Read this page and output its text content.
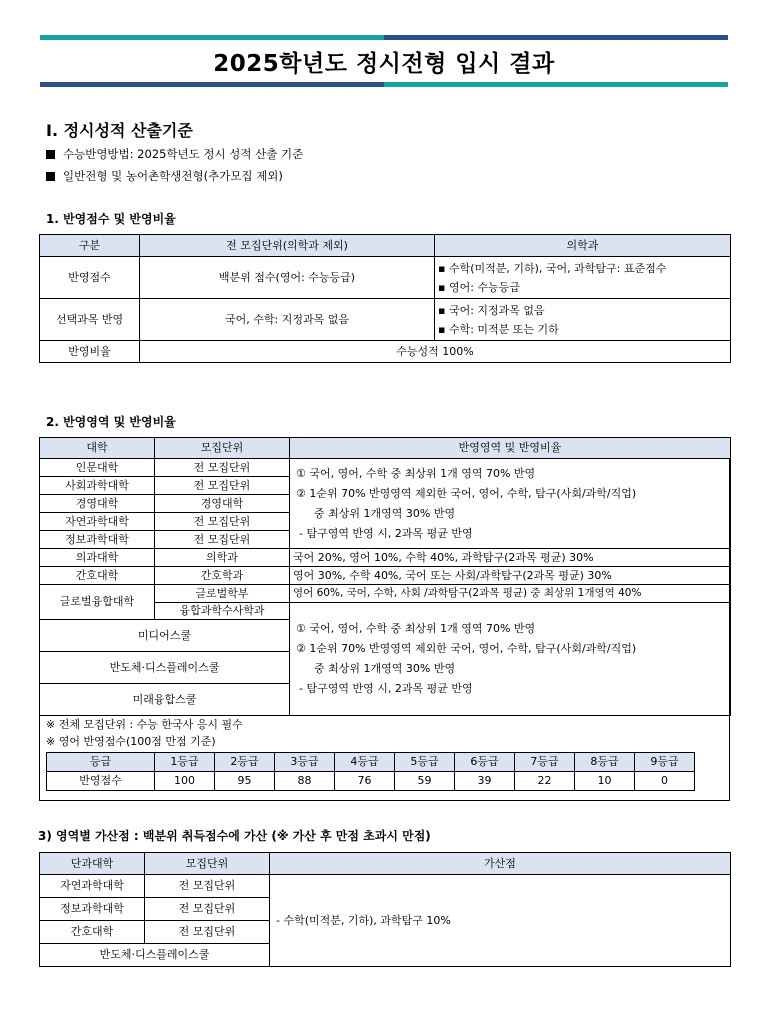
2025학년도 정시전형 입시 결과
Ⅰ. 정시성적 산출기준
수능반영방법: 2025학년도 정시 성적 산출 기준
일반전형 및 농어촌학생전형(추가모집 제외)
1. 반영점수 및 반영비율
구분	전 모집단위(의학과 제외)	의학과
반영점수	백분위 점수(영어: 수능등급)	▪ 수학(미적분, 기하), 국어, 과학탐구: 표준점수
▪ 영어: 수능등급

선택과목 반영	국어, 수학: 지정과목 없음	▪ 국어: 지정과목 없음
▪ 수학: 미적분 또는 기하

반영비율	수능성적 100%	
2. 반영영역 및 반영비율
대학	모집단위	반영영역 및 반영비율
인문대학	전 모집단위	① 국어, 영어, 수학 중 최상위 1개 영역 70% 반영
② 1순위 70% 반영영역 제외한 국어, 영어, 수학, 탐구(사회/과학/직업)
중 최상위 1개영역 30% 반영
- 탐구영역 반영 시, 2과목 평균 반영

사회과학대학	전 모집단위	
경영대학	경영대학	
자연과학대학	전 모집단위	
정보과학대학	전 모집단위	
의과대학	의학과	국어 20%, 영어 10%, 수학 40%, 과학탐구(2과목 평균) 30%
간호대학	간호학과	영어 30%, 수학 40%, 국어 또는 사회/과학탐구(2과목 평균) 30%
글로벌융합대학	글로벌학부	영어 60%, 국어, 수학, 사회 /과학탐구(2과목 평균) 중 최상위 1개영역 40%
	융합과학수사학과	① 국어, 영어, 수학 중 최상위 1개 영역 70% 반영
② 1순위 70% 반영영역 제외한 국어, 영어, 수학, 탐구(사회/과학/직업)
중 최상위 1개영역 30% 반영
- 탐구영역 반영 시, 2과목 평균 반영

미디어스쿨		
반도체·디스플레이스쿨		
미래융합스쿨		
※ 전체 모집단위 : 수능 한국사 응시 필수
※ 영어 반영점수(100점 만점 기준)
등급	1등급	2등급	3등급	4등급	5등급	6등급	7등급	8등급	9등급
반영점수	100	95	88	76	59	39	22	10	0
3) 영역별 가산점 : 백분위 취득점수에 가산 (※ 가산 후 만점 초과시 만점)
단과대학	모집단위	가산점
자연과학대학	전 모집단위	- 수학(미적분, 기하), 과학탐구 10%
정보과학대학	전 모집단위	
간호대학	전 모집단위	
반도체·디스플레이스쿨		
